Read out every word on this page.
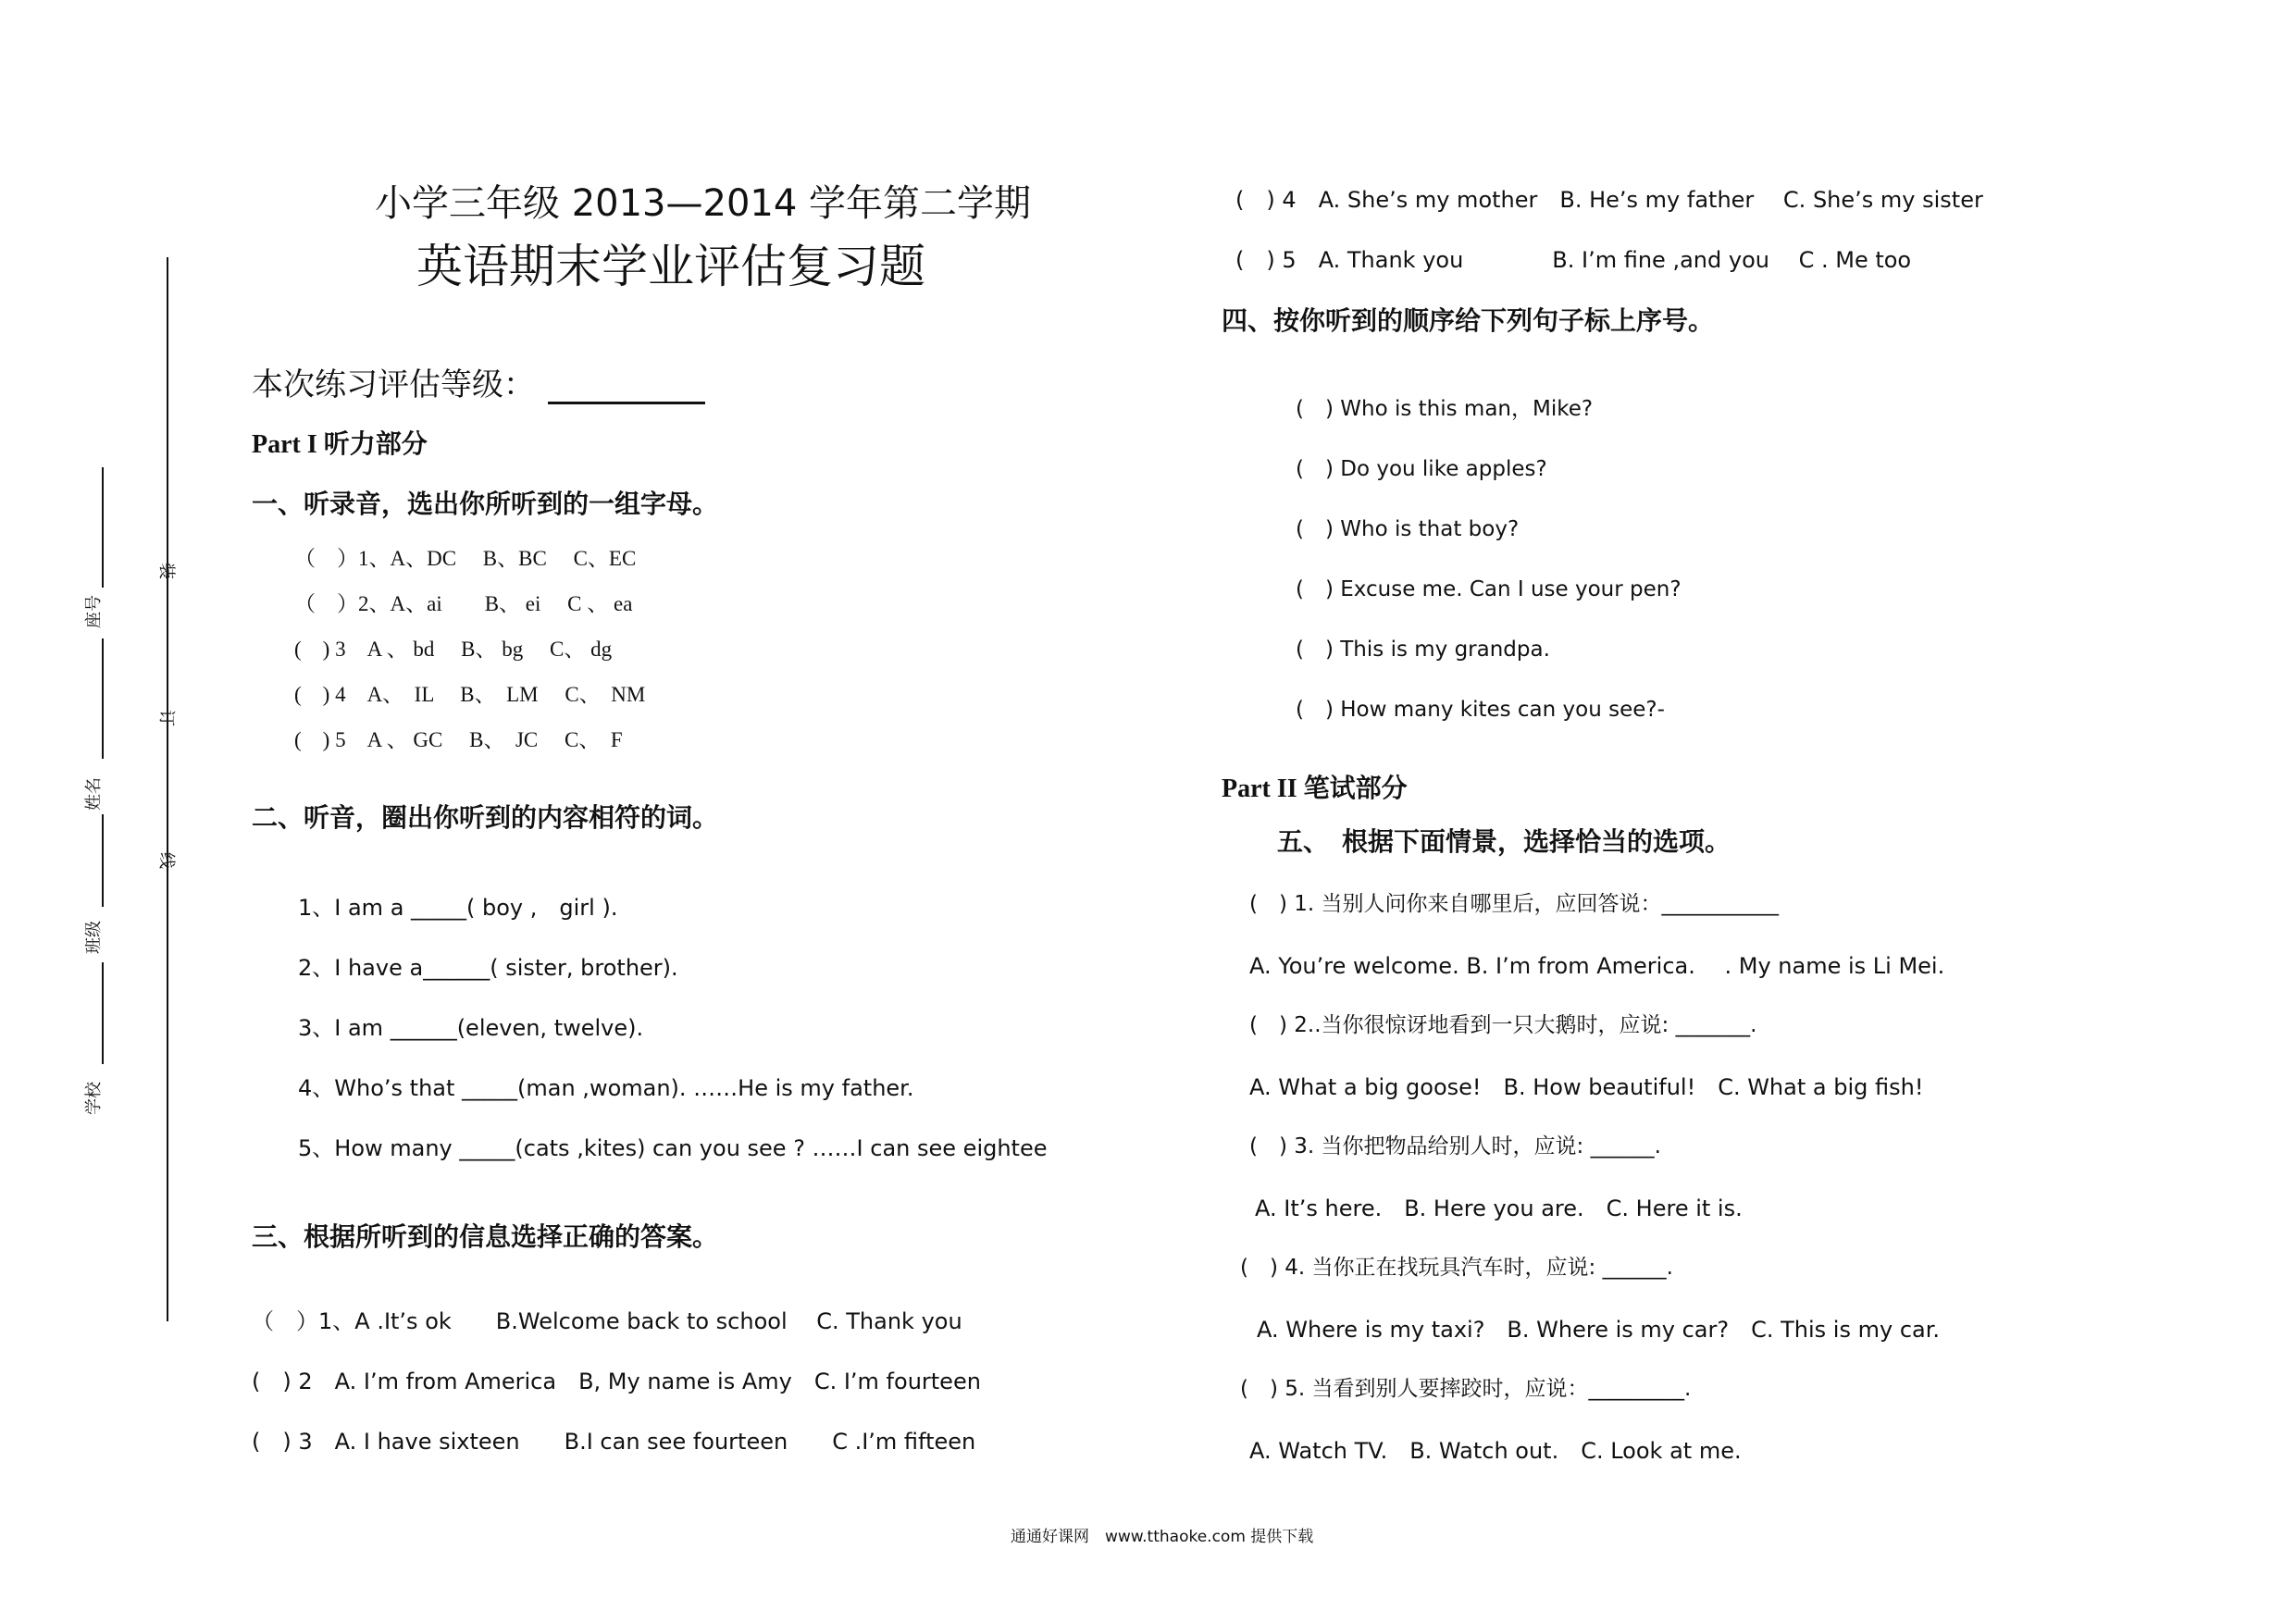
装
订
线
座号
姓名
班级
学校
小学三年级 2013—2014 学年第二学期
英语期末学业评估复习题
本次练习评估等级：
Part I 听力部分
一、听录音，选出你所听到的一组字母。
（　）1、A、DC　 B、BC　 C、EC
（　）2、A、ai　　B、 ei　 C 、 ea
(　) 3　A 、 bd　 B、 bg　 C、 dg
(　) 4　A、　IL　 B、　LM　 C、　NM
(　) 5　A 、 GC　 B、　JC　 C、　F
二、听音，圈出你听到的内容相符的词。
1、I am a _____( boy ,　girl ).
2、I have a______( sister, brother).
3、I am ______(eleven, twelve).
4、Who’s that _____(man ,woman). ……He is my father.
5、How many _____(cats ,kites) can you see ? ……I can see eightee
三、根据所听到的信息选择正确的答案。
（　）1、A .It’s ok　　B.Welcome back to school　 C. Thank you
(　) 2　A. I’m from America　B, My name is Amy　C. I’m fourteen
(　) 3　A. I have sixteen　　B.I can see fourteen　　C .I’m fifteen
(　) 4　A. She’s my mother　B. He’s my father　 C. She’s my sister
(　) 5　A. Thank you　　　　B. I’m fine ,and you　 C . Me too
四、按你听到的顺序给下列句子标上序号。
(　) Who is this man，Mike?
(　) Do you like apples?
(　) Who is that boy?
(　) Excuse me. Can I use your pen?
(　) This is my grandpa.
(　) How many kites can you see?-
Part II 笔试部分
五、　根据下面情景，选择恰当的选项。
(　) 1. 当别人问你来自哪里后，应回答说：___________
A. You’re welcome. B. I’m from America.　 . My name is Li Mei.
(　) 2..当你很惊讶地看到一只大鹅时，应说: _______.
A. What a big goose!　B. How beautiful!　C. What a big fish!
(　) 3. 当你把物品给别人时，应说: ______.
A. It’s here.　B. Here you are.　C. Here it is.
(　) 4. 当你正在找玩具汽车时，应说: ______.
A. Where is my taxi?　B. Where is my car?　C. This is my car.
(　) 5. 当看到别人要摔跤时，应说：_________.
A. Watch TV.　B. Watch out.　C. Look at me.
通通好课网　www.tthaoke.com 提供下载
